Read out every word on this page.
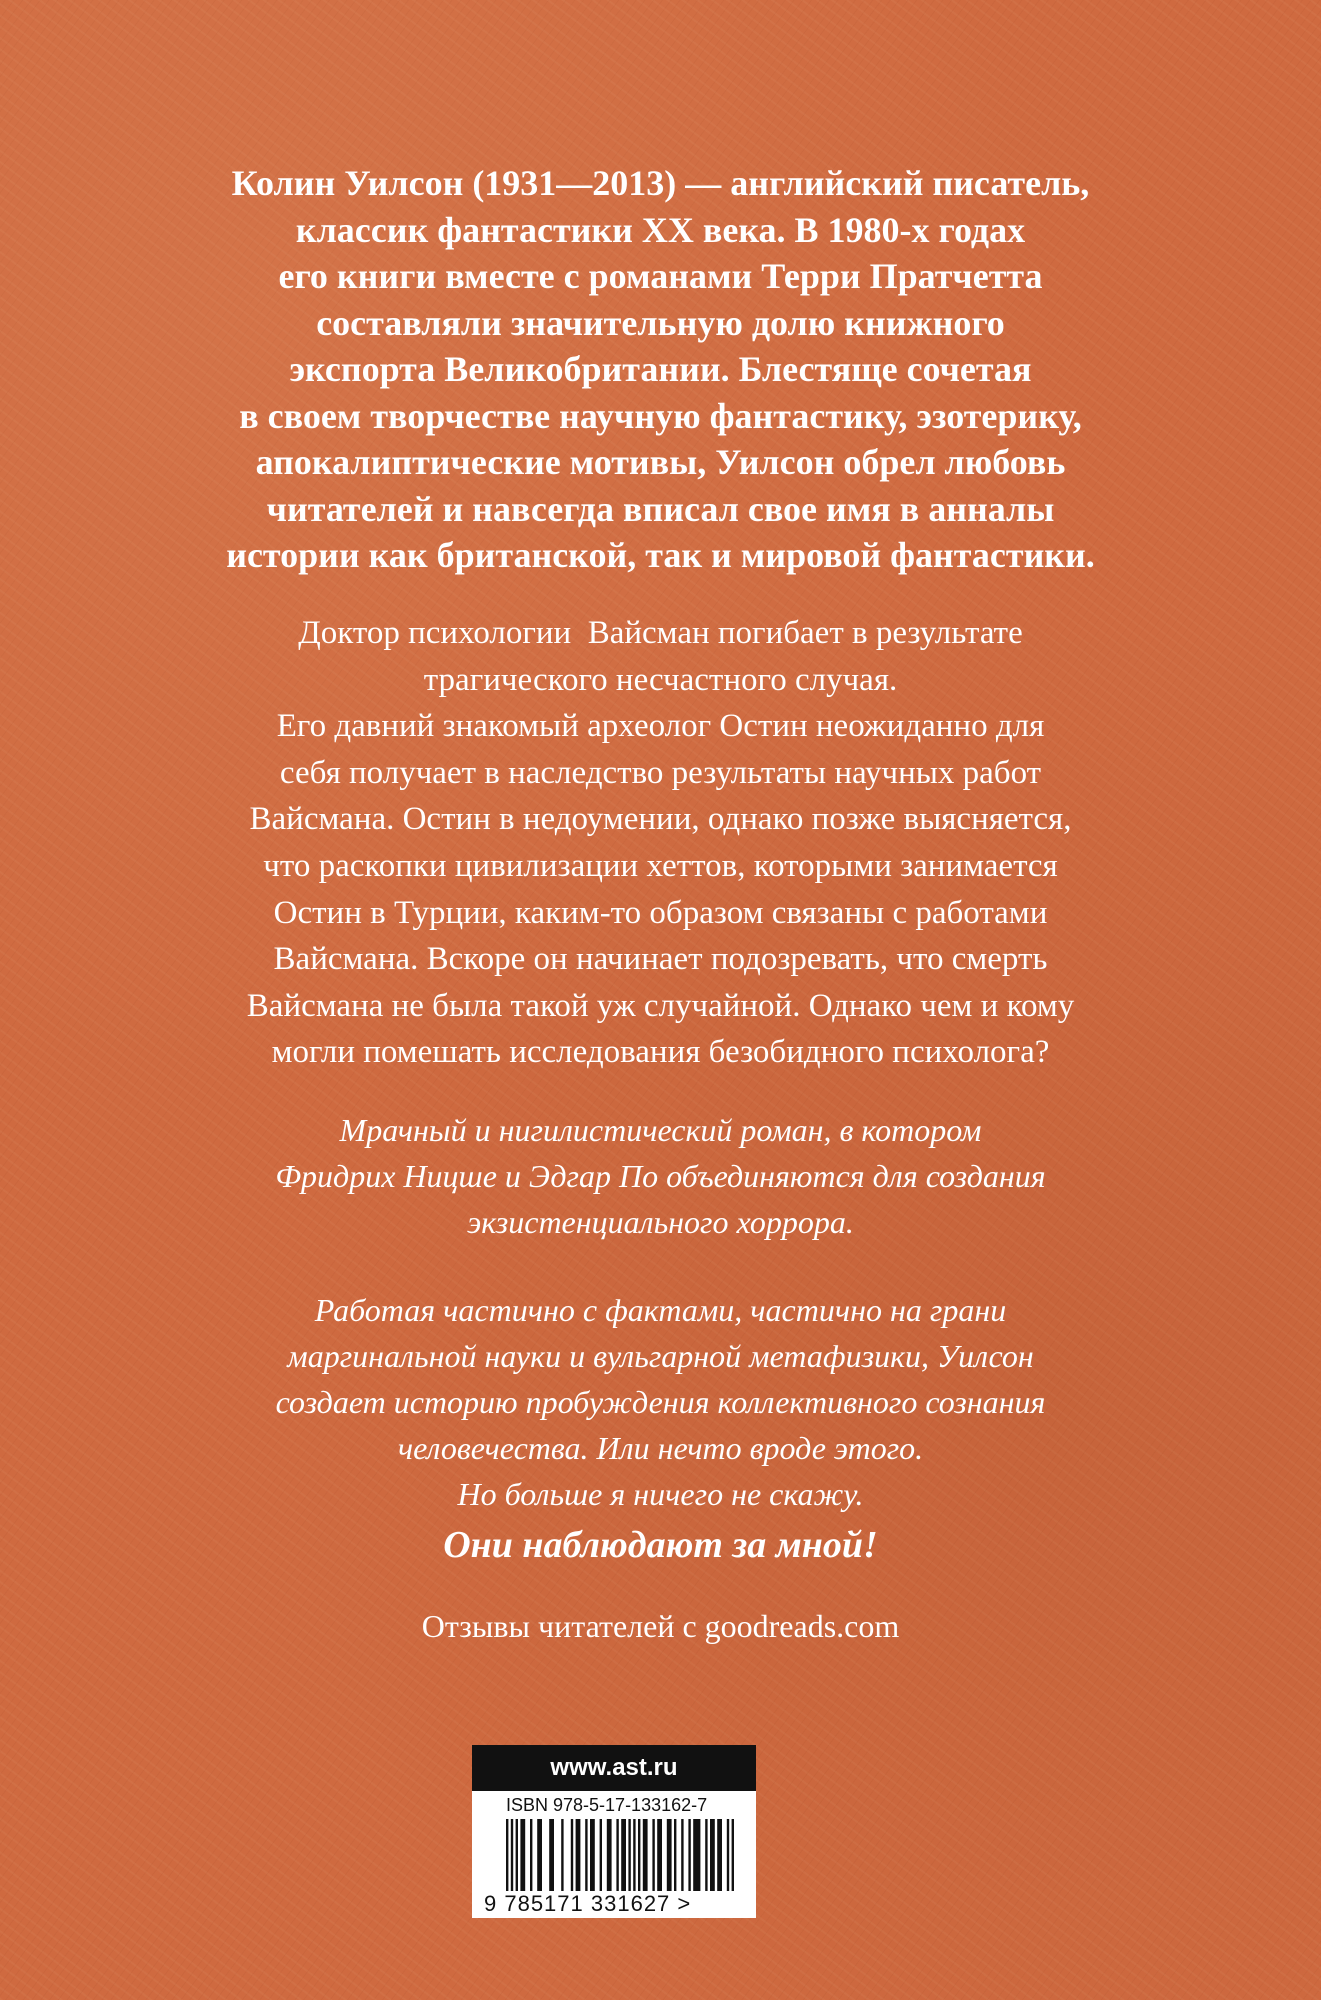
Колин Уилсон (1931—2013) — английский писатель,
классик фантастики XX века. В 1980-х годах
его книги вместе с романами Терри Пратчетта
составляли значительную долю книжного
экспорта Великобритании. Блестяще сочетая
в своем творчестве научную фантастику, эзотерику,
апокалиптические мотивы, Уилсон обрел любовь
читателей и навсегда вписал свое имя в анналы
истории как британской, так и мировой фантастики.
Доктор психологии  Вайсман погибает в результате
трагического несчастного случая.
Его давний знакомый археолог Остин неожиданно для
себя получает в наследство результаты научных работ
Вайсмана. Остин в недоумении, однако позже выясняется,
что раскопки цивилизации хеттов, которыми занимается
Остин в Турции, каким-то образом связаны с работами
Вайсмана. Вскоре он начинает подозревать, что смерть
Вайсмана не была такой уж случайной. Однако чем и кому
могли помешать исследования безобидного психолога?
Мрачный и нигилистический роман, в котором
Фридрих Ницше и Эдгар По объединяются для создания
экзистенциального хоррора.
Работая частично с фактами, частично на грани
маргинальной науки и вульгарной метафизики, Уилсон
создает историю пробуждения коллективного сознания
человечества. Или нечто вроде этого.
Но больше я ничего не скажу.
Они наблюдают за мной!
Отзывы читателей с goodreads.com
www.ast.ru
ISBN 978-5-17-133162-7
9 785171 331627 >
